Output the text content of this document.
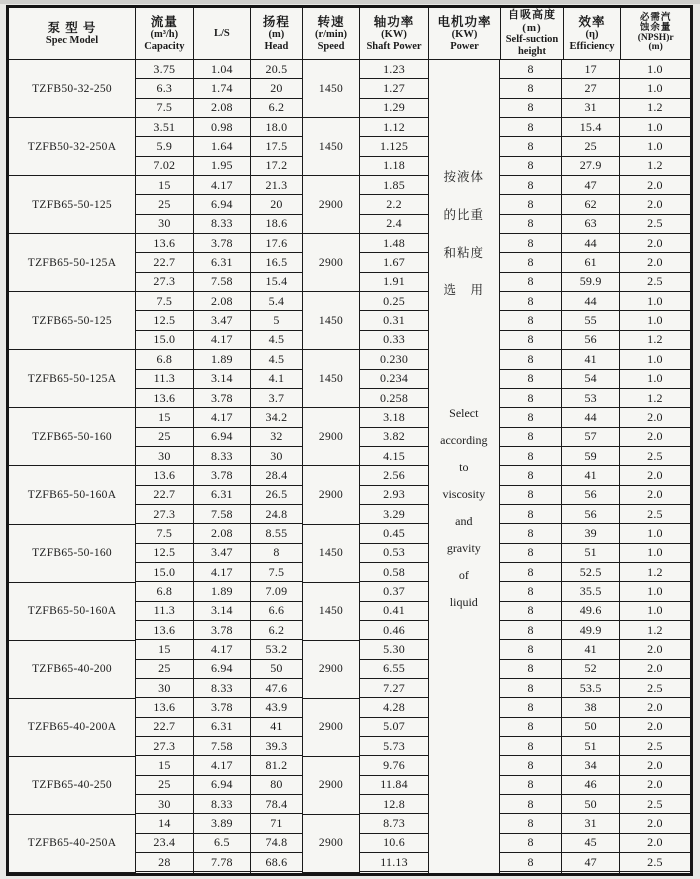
泵 型 号
Spec Model
流量
(m³/h)
Capacity
L/S
扬程
(m)
Head
转速
(r/min)
Speed
轴功率
(KW)
Shaft Power
电机功率
(KW)
Power
自吸高度(m)
Self-suction
height
效率
(η)
Efficiency
必需汽
蚀余量
(NPSH)r
(m)
TZFB50-32-250
TZFB50-32-250A
TZFB65-50-125
TZFB65-50-125A
TZFB65-50-125
TZFB65-50-125A
TZFB65-50-160
TZFB65-50-160A
TZFB65-50-160
TZFB65-50-160A
TZFB65-40-200
TZFB65-40-200A
TZFB65-40-250
TZFB65-40-250A
3.75
6.3
7.5
3.51
5.9
7.02
15
25
30
13.6
22.7
27.3
7.5
12.5
15.0
6.8
11.3
13.6
15
25
30
13.6
22.7
27.3
7.5
12.5
15.0
6.8
11.3
13.6
15
25
30
13.6
22.7
27.3
15
25
30
14
23.4
28
1.04
1.74
2.08
0.98
1.64
1.95
4.17
6.94
8.33
3.78
6.31
7.58
2.08
3.47
4.17
1.89
3.14
3.78
4.17
6.94
8.33
3.78
6.31
7.58
2.08
3.47
4.17
1.89
3.14
3.78
4.17
6.94
8.33
3.78
6.31
7.58
4.17
6.94
8.33
3.89
6.5
7.78
20.5
20
6.2
18.0
17.5
17.2
21.3
20
18.6
17.6
16.5
15.4
5.4
5
4.5
4.5
4.1
3.7
34.2
32
30
28.4
26.5
24.8
8.55
8
7.5
7.09
6.6
6.2
53.2
50
47.6
43.9
41
39.3
81.2
80
78.4
71
74.8
68.6
1450
1450
2900
2900
1450
1450
2900
2900
1450
1450
2900
2900
2900
2900
1.23
1.27
1.29
1.12
1.125
1.18
1.85
2.2
2.4
1.48
1.67
1.91
0.25
0.31
0.33
0.230
0.234
0.258
3.18
3.82
4.15
2.56
2.93
3.29
0.45
0.53
0.58
0.37
0.41
0.46
5.30
6.55
7.27
4.28
5.07
5.73
9.76
11.84
12.8
8.73
10.6
11.13
按液体
的比重
和粘度
选　用
Select
according
to
viscosity
and
gravity
of
liquid
8
8
8
8
8
8
8
8
8
8
8
8
8
8
8
8
8
8
8
8
8
8
8
8
8
8
8
8
8
8
8
8
8
8
8
8
8
8
8
8
8
8
17
27
31
15.4
25
27.9
47
62
63
44
61
59.9
44
55
56
41
54
53
44
57
59
41
56
56
39
51
52.5
35.5
49.6
49.9
41
52
53.5
38
50
51
34
46
50
31
45
47
1.0
1.0
1.2
1.0
1.0
1.2
2.0
2.0
2.5
2.0
2.0
2.5
1.0
1.0
1.2
1.0
1.0
1.2
2.0
2.0
2.5
2.0
2.0
2.5
1.0
1.0
1.2
1.0
1.0
1.2
2.0
2.0
2.5
2.0
2.0
2.5
2.0
2.0
2.5
2.0
2.0
2.5
